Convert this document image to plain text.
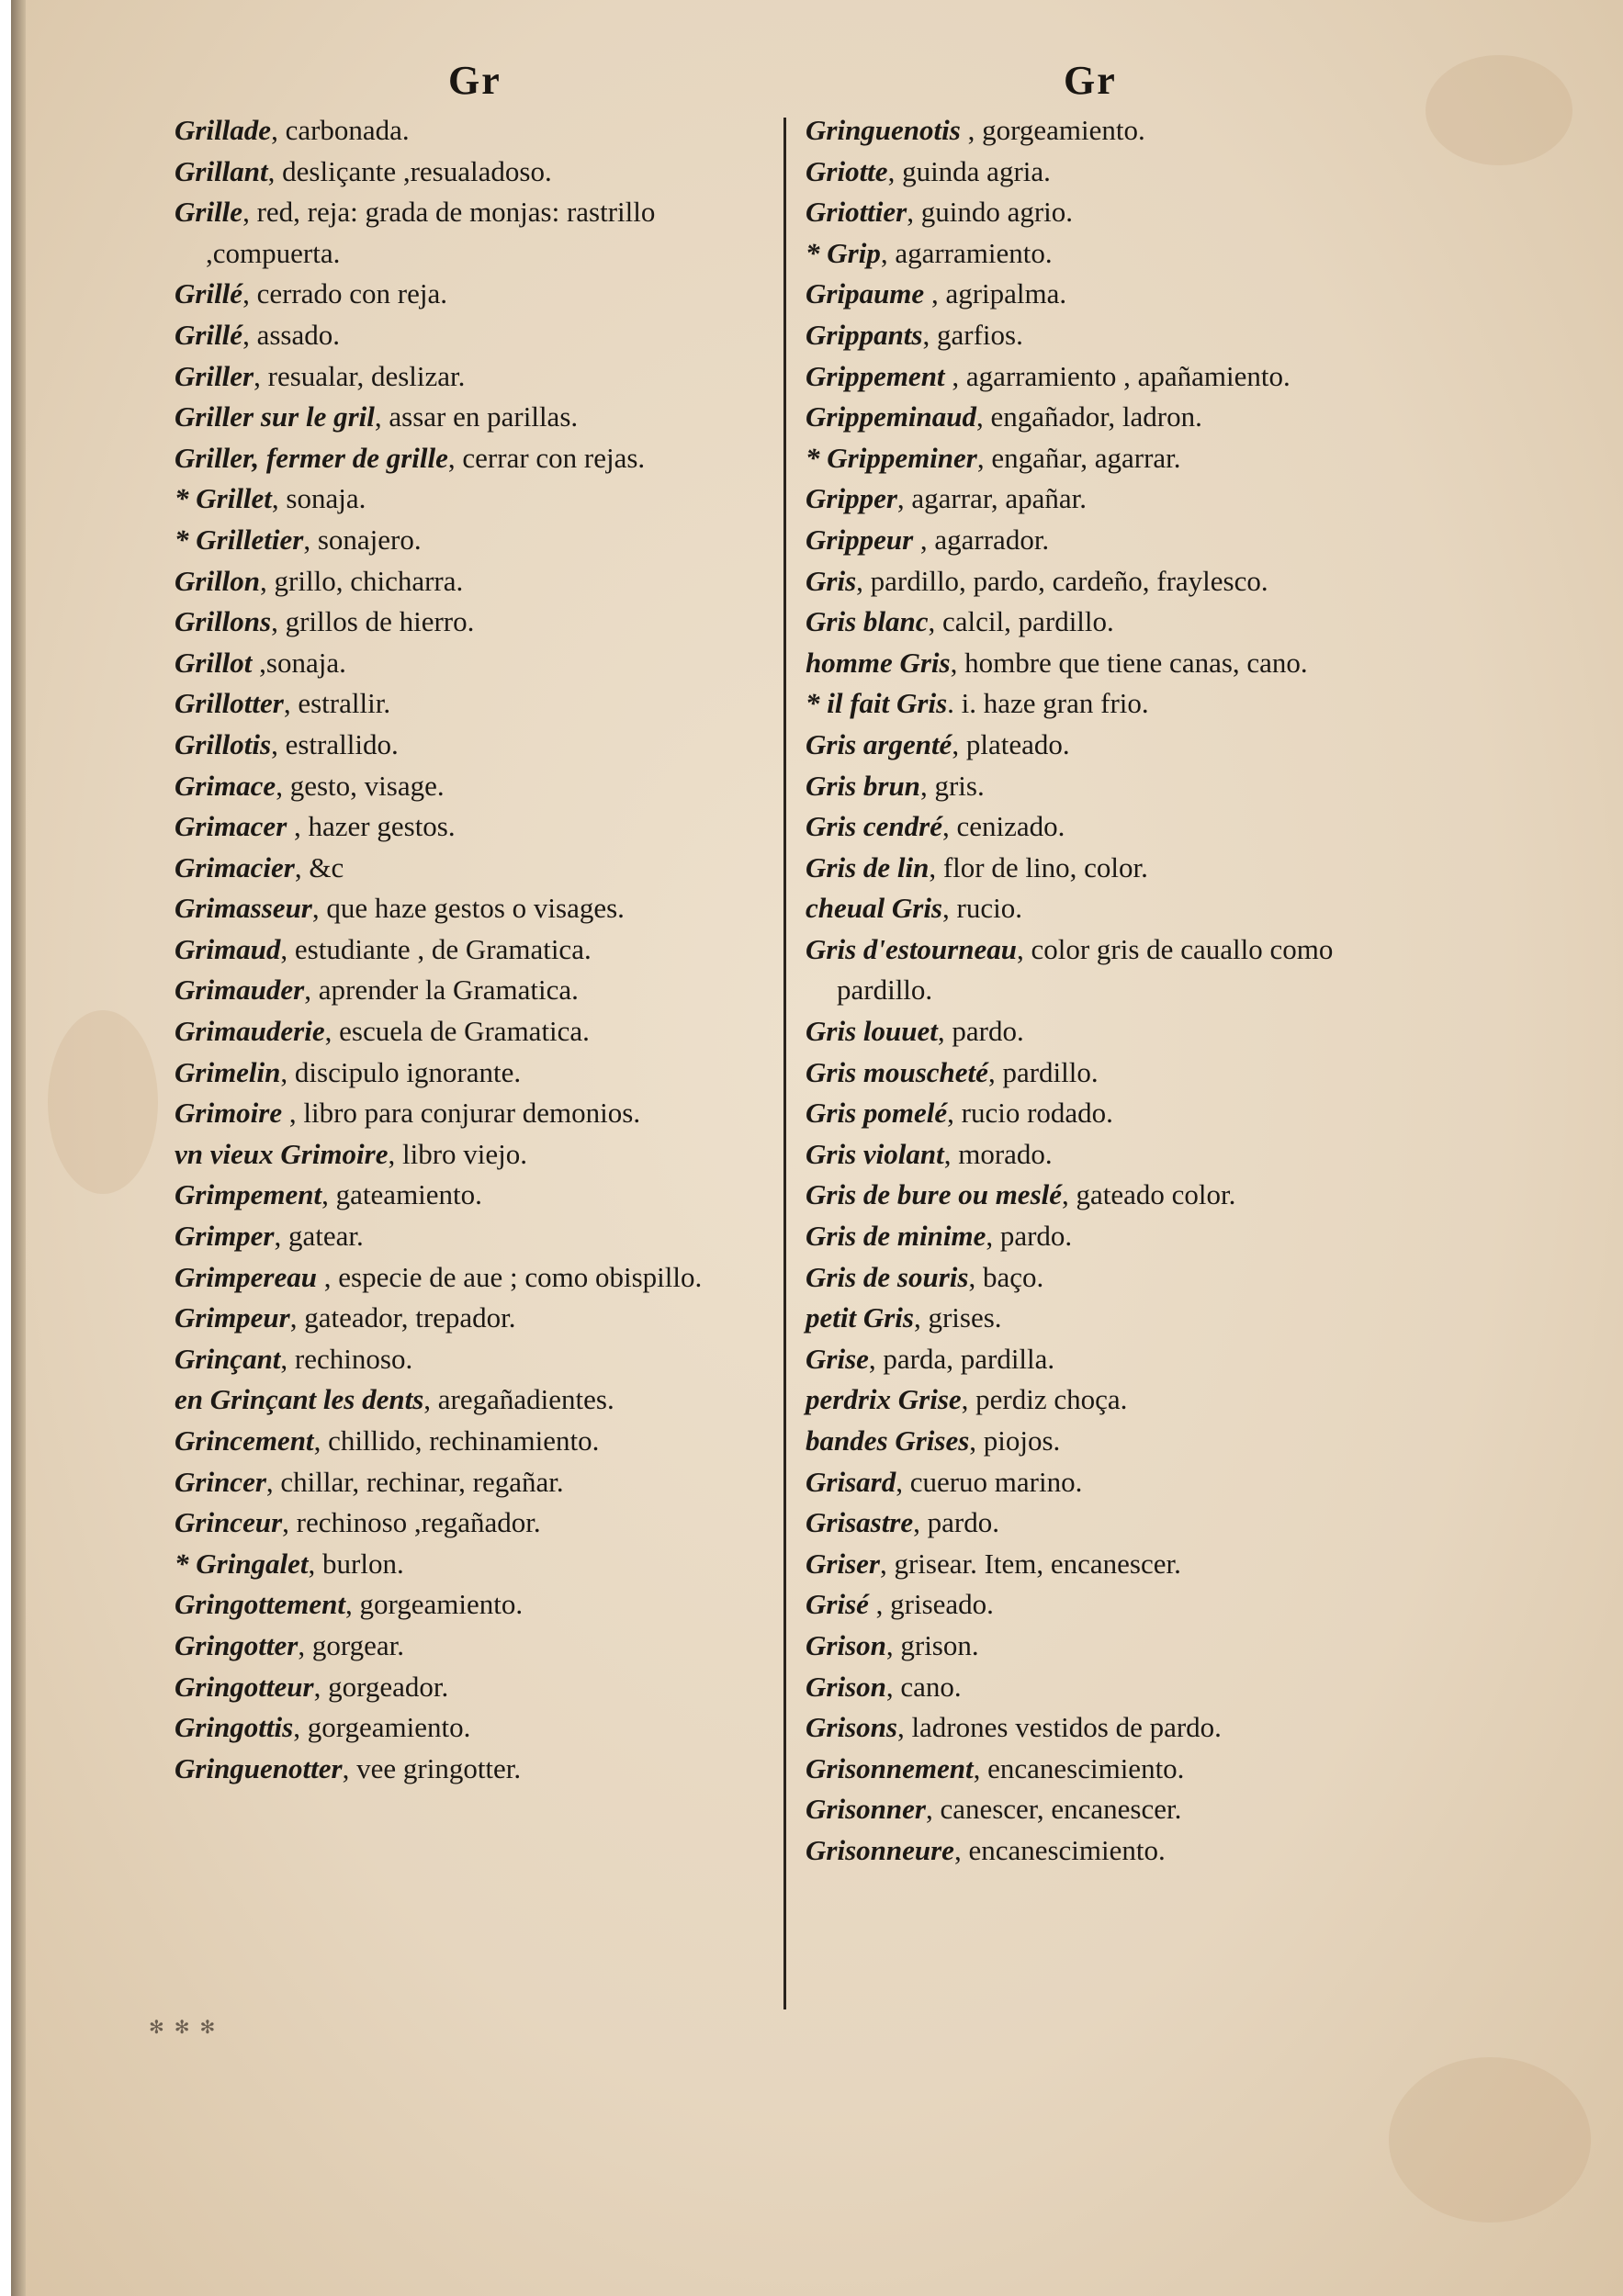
Gr	Gr
Grillade, carbonada.
Grillant, desliçante ,resualadoso.
Grille, red, reja: grada de monjas: rastrillo ,compuerta.
Grillé, cerrado con reja.
Grillé, assado.
Griller, resualar, deslizar.
Griller sur le gril, assar en parillas.
Griller, fermer de grille, cerrar con rejas.
* Grillet, sonaja.
* Grilletier, sonajero.
Grillon, grillo, chicharra.
Grillons, grillos de hierro.
Grillot ,sonaja.
Grillotter, estrallir.
Grillotis, estrallido.
Grimace, gesto, visage.
Grimacer , hazer gestos.
Grimacier, &c
Grimasseur, que haze gestos o visages.
Grimaud, estudiante , de Gramatica.
Grimauder, aprender la Gramatica.
Grimauderie, escuela de Gramatica.
Grimelin, discipulo ignorante.
Grimoire , libro para conjurar demonios.
vn vieux Grimoire, libro viejo.
Grimpement, gateamiento.
Grimper, gatear.
Grimpereau , especie de aue ; como obispillo.
Grimpeur, gateador, trepador.
Grinçant, rechinoso.
en Grinçant les dents, aregañadientes.
Grincement, chillido, rechinamiento.
Grincer, chillar, rechinar, regañar.
Grinceur, rechinoso ,regañador.
* Gringalet, burlon.
Gringottement, gorgeamiento.
Gringotter, gorgear.
Gringotteur, gorgeador.
Gringottis, gorgeamiento.
Gringuenotter, vee gringotter.
Gringuenotis , gorgeamiento.
Griotte, guinda agria.
Griottier, guindo agrio.
* Grip, agarramiento.
Gripaume , agripalma.
Grippants, garfios.
Grippement , agarramiento , apañamiento.
Grippeminaud, engañador, ladron.
* Grippeminer, engañar, agarrar.
Gripper, agarrar, apañar.
Grippeur , agarrador.
Gris, pardillo, pardo, cardeño, fraylesco.
Gris blanc, calcil, pardillo.
homme Gris, hombre que tiene canas, cano.
* il fait Gris. i. haze gran frio.
Gris argenté, plateado.
Gris brun, gris.
Gris cendré, cenizado.
Gris de lin, flor de lino, color.
cheual Gris, rucio.
Gris d'estourneau, color gris de cauallo como pardillo.
Gris louuet, pardo.
Gris mouscheté, pardillo.
Gris pomelé, rucio rodado.
Gris violant, morado.
Gris de bure ou meslé, gateado color.
Gris de minime, pardo.
Gris de souris, baço.
petit Gris, grises.
Grise, parda, pardilla.
perdrix Grise, perdiz choça.
bandes Grises, piojos.
Grisard, cueruo marino.
Grisastre, pardo.
Griser, grisear. Item, encanescer.
Grisé , griseado.
Grison, grison.
Grison, cano.
Grisons, ladrones vestidos de pardo.
Grisonnement, encanescimiento.
Grisonner, canescer, encanescer.
Grisonneure, encanescimiento.
✻ ✻ ✻
